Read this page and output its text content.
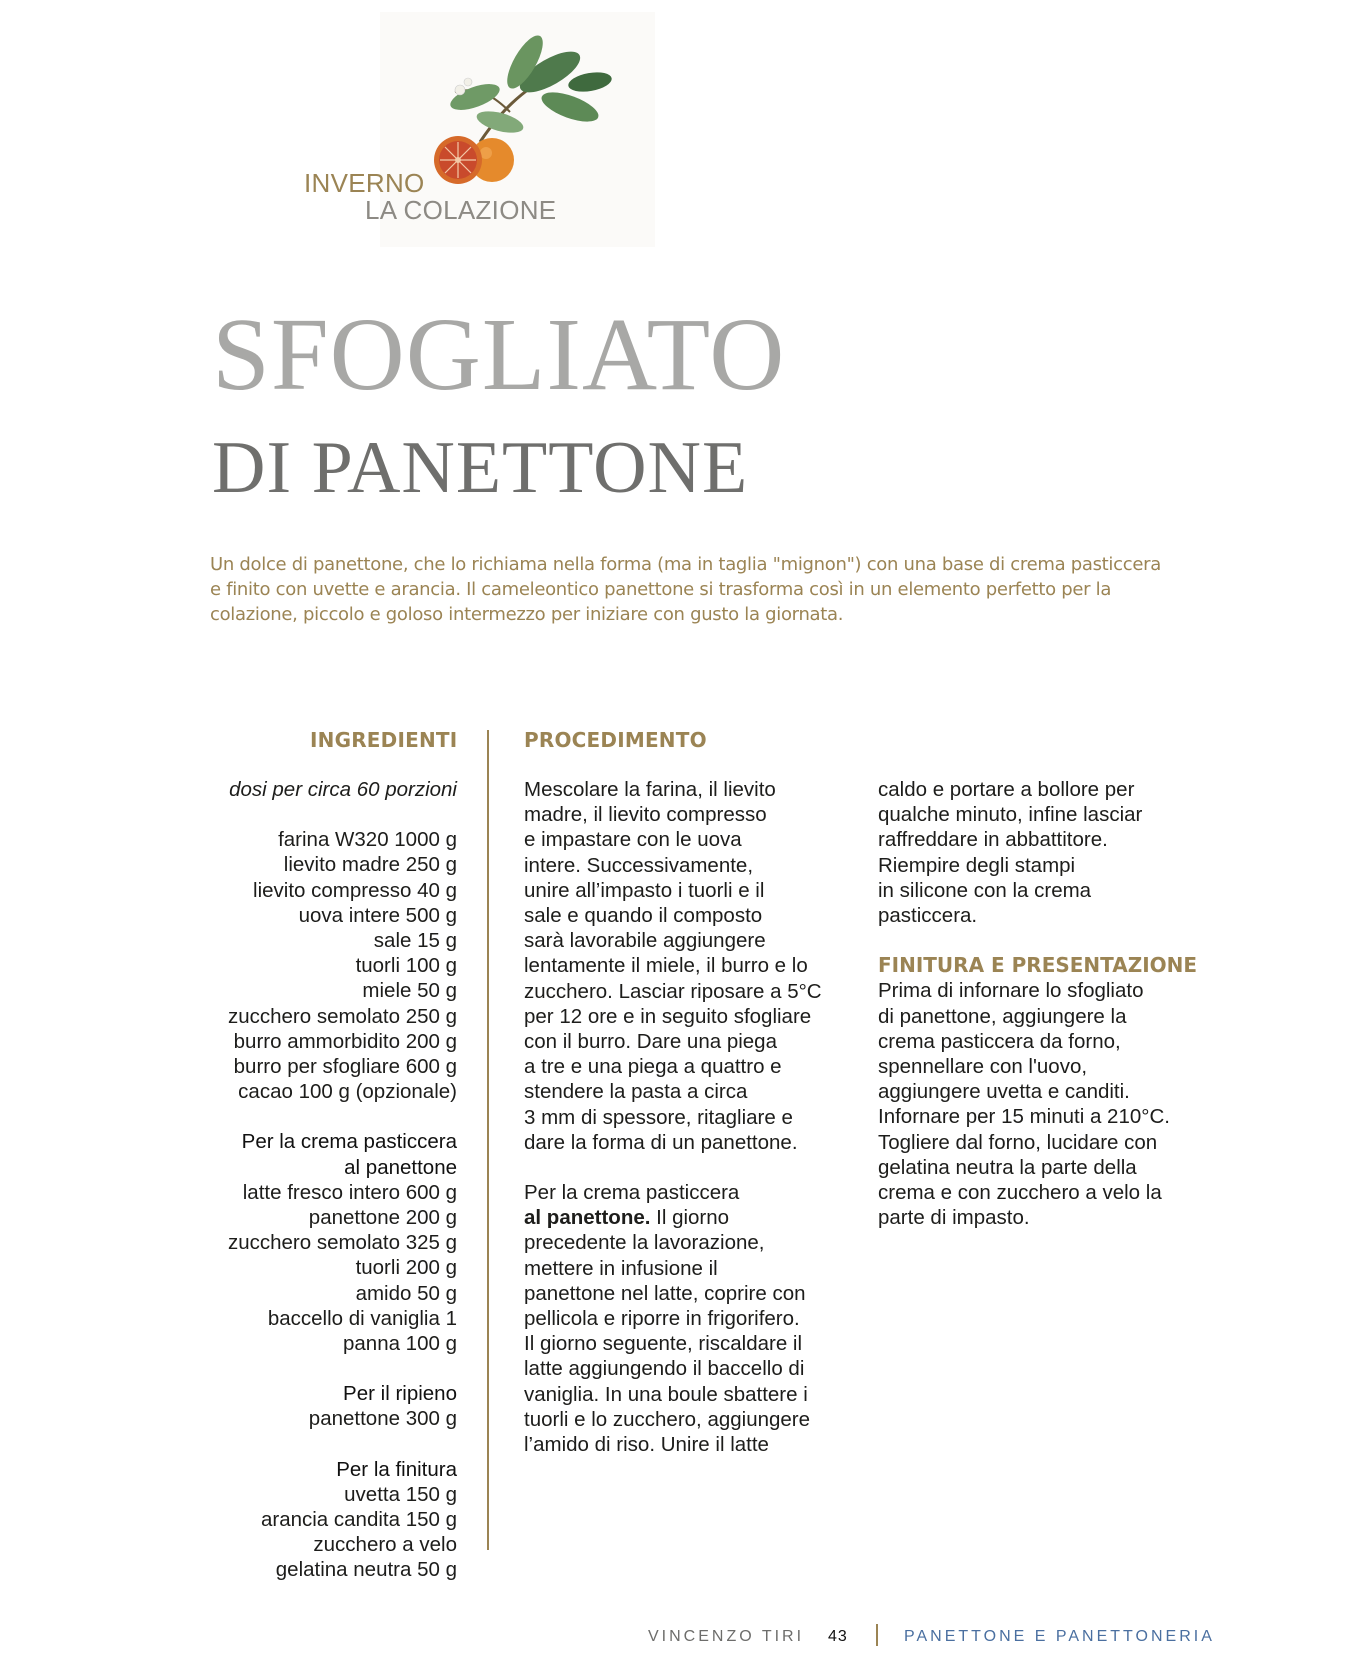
INVERNO
LA COLAZIONE
SFOGLIATO
DI PANETTONE
Un dolce di panettone, che lo richiama nella forma (ma in taglia "mignon") con una base di crema pasticcera
e finito con uvette e arancia. Il cameleontico panettone si trasforma così in un elemento perfetto per la
colazione, piccolo e goloso intermezzo per iniziare con gusto la giornata.
INGREDIENTI	PROCEDIMENTO
dosi per circa 60 porzioni
farina W320 1000 g
lievito madre 250 g
lievito compresso 40 g
uova intere 500 g
sale 15 g
tuorli 100 g
miele 50 g
zucchero semolato 250 g
burro ammorbidito 200 g
burro per sfogliare 600 g
cacao 100 g (opzionale)
Per la crema pasticcera
al panettone
latte fresco intero 600 g
panettone 200 g
zucchero semolato 325 g
tuorli 200 g
amido 50 g
baccello di vaniglia 1
panna 100 g
Per il ripieno
panettone 300 g
Per la finitura
uvetta 150 g
arancia candita 150 g
zucchero a velo
gelatina neutra 50 g
Mescolare la farina, il lievito
madre, il lievito compresso
e impastare con le uova
intere. Successivamente,
unire all’impasto i tuorli e il
sale e quando il composto
sarà lavorabile aggiungere
lentamente il miele, il burro e lo
zucchero. Lasciar riposare a 5°C
per 12 ore e in seguito sfogliare
con il burro. Dare una piega
a tre e una piega a quattro e
stendere la pasta a circa
3 mm di spessore, ritagliare e
dare la forma di un panettone.
Per la crema pasticcera
al panettone. Il giorno
precedente la lavorazione,
mettere in infusione il
panettone nel latte, coprire con
pellicola e riporre in frigorifero.
Il giorno seguente, riscaldare il
latte aggiungendo il baccello di
vaniglia. In una boule sbattere i
tuorli e lo zucchero, aggiungere
l’amido di riso. Unire il latte
caldo e portare a bollore per
qualche minuto, infine lasciar
raffreddare in abbattitore.
Riempire degli stampi
in silicone con la crema
pasticcera.
FINITURA E PRESENTAZIONE
Prima di infornare lo sfogliato
di panettone, aggiungere la
crema pasticcera da forno,
spennellare con l'uovo,
aggiungere uvetta e canditi.
Infornare per 15 minuti a 210°C.
Togliere dal forno, lucidare con
gelatina neutra la parte della
crema e con zucchero a velo la
parte di impasto.
VINCENZO TIRI 43	PANETTONE E PANETTONERIA
